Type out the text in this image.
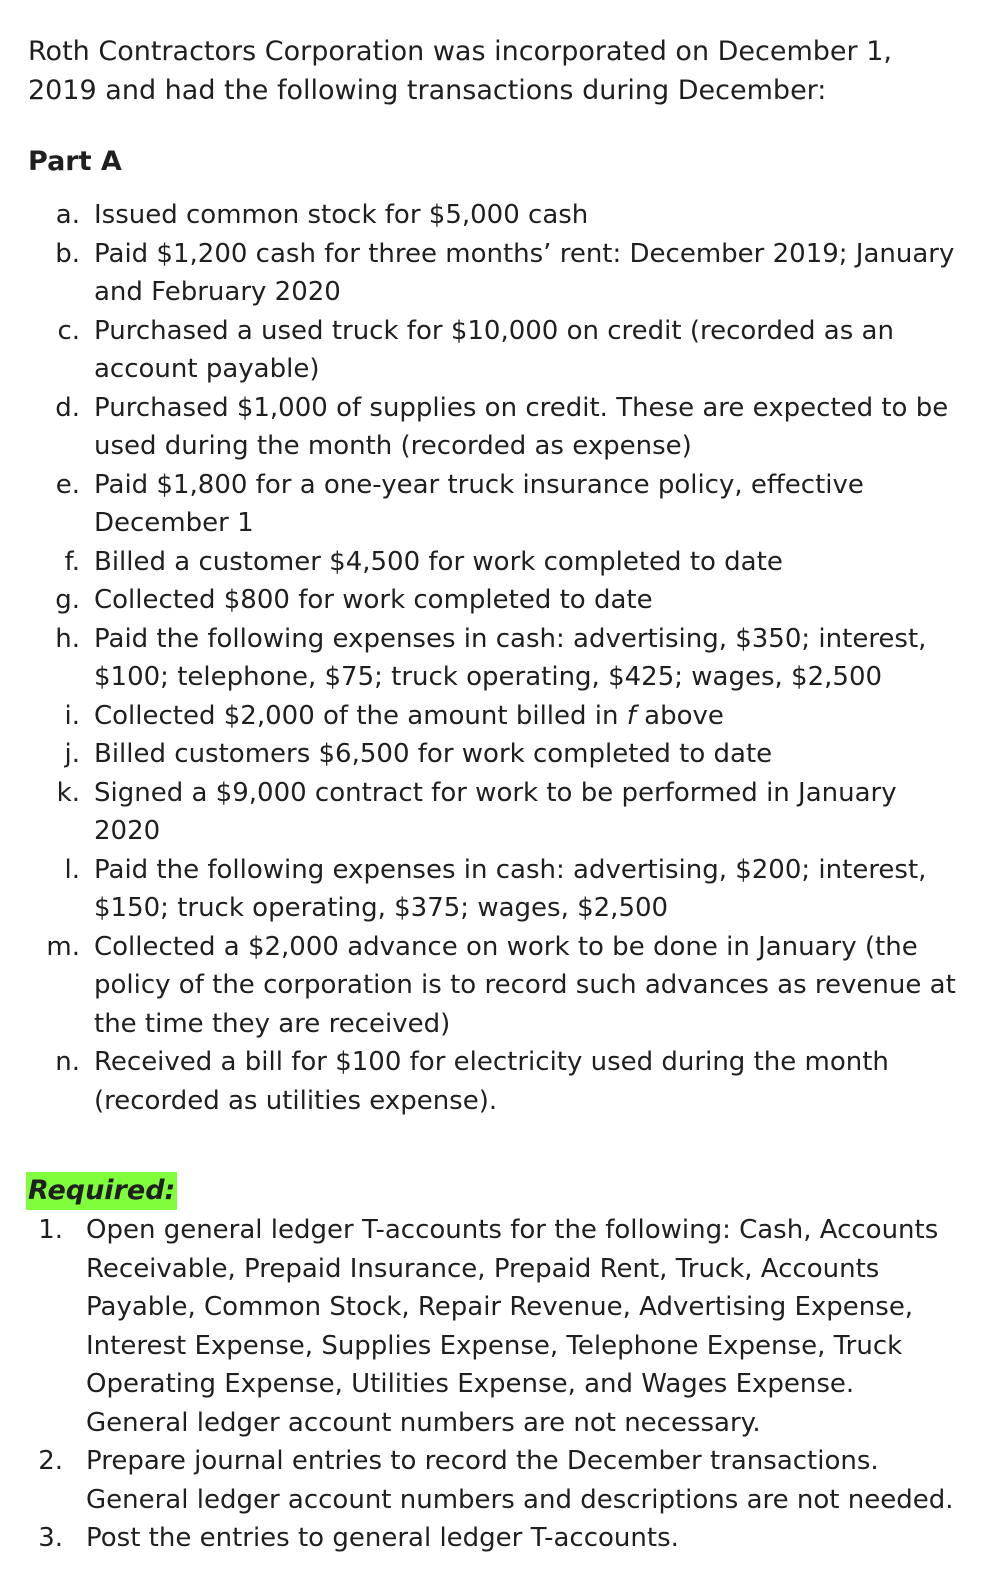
Roth Contractors Corporation was incorporated on December 1, 2019 and had the following transactions during December:

Part A
a. Issued common stock for $5,000 cash
b. Paid $1,200 cash for three months’ rent: December 2019; January and February 2020
c. Purchased a used truck for $10,000 on credit (recorded as an account payable)
d. Purchased $1,000 of supplies on credit. These are expected to be used during the month (recorded as expense)
e. Paid $1,800 for a one-year truck insurance policy, effective December 1
f. Billed a customer $4,500 for work completed to date
g. Collected $800 for work completed to date
h. Paid the following expenses in cash: advertising, $350; interest, $100; telephone, $75; truck operating, $425; wages, $2,500
i. Collected $2,000 of the amount billed in f above
j. Billed customers $6,500 for work completed to date
k. Signed a $9,000 contract for work to be performed in January 2020
l. Paid the following expenses in cash: advertising, $200; interest, $150; truck operating, $375; wages, $2,500
m. Collected a $2,000 advance on work to be done in January (the policy of the corporation is to record such advances as revenue at the time they are received)
n. Received a bill for $100 for electricity used during the month (recorded as utilities expense).
Required:
1. Open general ledger T-accounts for the following: Cash, Accounts Receivable, Prepaid Insurance, Prepaid Rent, Truck, Accounts Payable, Common Stock, Repair Revenue, Advertising Expense, Interest Expense, Supplies Expense, Telephone Expense, Truck Operating Expense, Utilities Expense, and Wages Expense. General ledger account numbers are not necessary.
2. Prepare journal entries to record the December transactions. General ledger account numbers and descriptions are not needed.
3. Post the entries to general ledger T-accounts.
